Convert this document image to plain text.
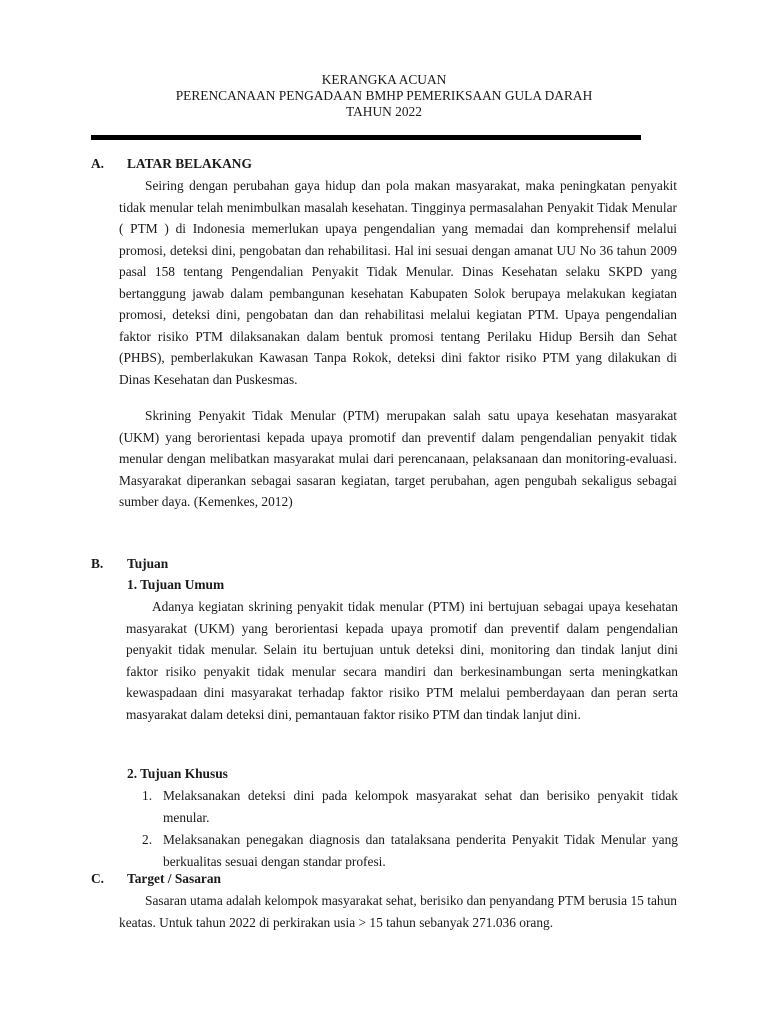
KERANGKA ACUAN
PERENCANAAN PENGADAAN BMHP PEMERIKSAAN GULA DARAH
TAHUN 2022
A. LATAR BELAKANG

Seiring dengan perubahan gaya hidup dan pola makan masyarakat, maka peningkatan penyakit tidak menular telah menimbulkan masalah kesehatan. Tingginya permasalahan Penyakit Tidak Menular ( PTM ) di Indonesia memerlukan upaya pengendalian yang memadai dan komprehensif melalui promosi, deteksi dini, pengobatan dan rehabilitasi. Hal ini sesuai dengan amanat UU No 36 tahun 2009 pasal 158 tentang Pengendalian Penyakit Tidak Menular. Dinas Kesehatan selaku SKPD yang bertanggung jawab dalam pembangunan kesehatan Kabupaten Solok berupaya melakukan kegiatan promosi, deteksi dini, pengobatan dan dan rehabilitasi melalui kegiatan PTM. Upaya pengendalian faktor risiko PTM dilaksanakan dalam bentuk promosi tentang Perilaku Hidup Bersih dan Sehat (PHBS), pemberlakukan Kawasan Tanpa Rokok, deteksi dini faktor risiko PTM yang dilakukan di Dinas Kesehatan dan Puskesmas.

Skrining Penyakit Tidak Menular (PTM) merupakan salah satu upaya kesehatan masyarakat (UKM) yang berorientasi kepada upaya promotif dan preventif dalam pengendalian penyakit tidak menular dengan melibatkan masyarakat mulai dari perencanaan, pelaksanaan dan monitoring-evaluasi. Masyarakat diperankan sebagai sasaran kegiatan, target perubahan, agen pengubah sekaligus sebagai sumber daya. (Kemenkes, 2012)

B. Tujuan
1. Tujuan Umum

Adanya kegiatan skrining penyakit tidak menular (PTM) ini bertujuan sebagai upaya kesehatan masyarakat (UKM) yang berorientasi kepada upaya promotif dan preventif dalam pengendalian penyakit tidak menular. Selain itu bertujuan untuk deteksi dini, monitoring dan tindak lanjut dini faktor risiko penyakit tidak menular secara mandiri dan berkesinambungan serta meningkatkan kewaspadaan dini masyarakat terhadap faktor risiko PTM melalui pemberdayaan dan peran serta masyarakat dalam deteksi dini, pemantauan faktor risiko PTM dan tindak lanjut dini.

2. Tujuan Khusus
1. Melaksanakan deteksi dini pada kelompok masyarakat sehat dan berisiko penyakit tidak menular.
2. Melaksanakan penegakan diagnosis dan tatalaksana penderita Penyakit Tidak Menular yang berkualitas sesuai dengan standar profesi.
C. Target / Sasaran

Sasaran utama adalah kelompok masyarakat sehat, berisiko dan penyandang PTM berusia 15 tahun keatas. Untuk tahun 2022 di perkirakan usia > 15 tahun sebanyak 271.036 orang.
